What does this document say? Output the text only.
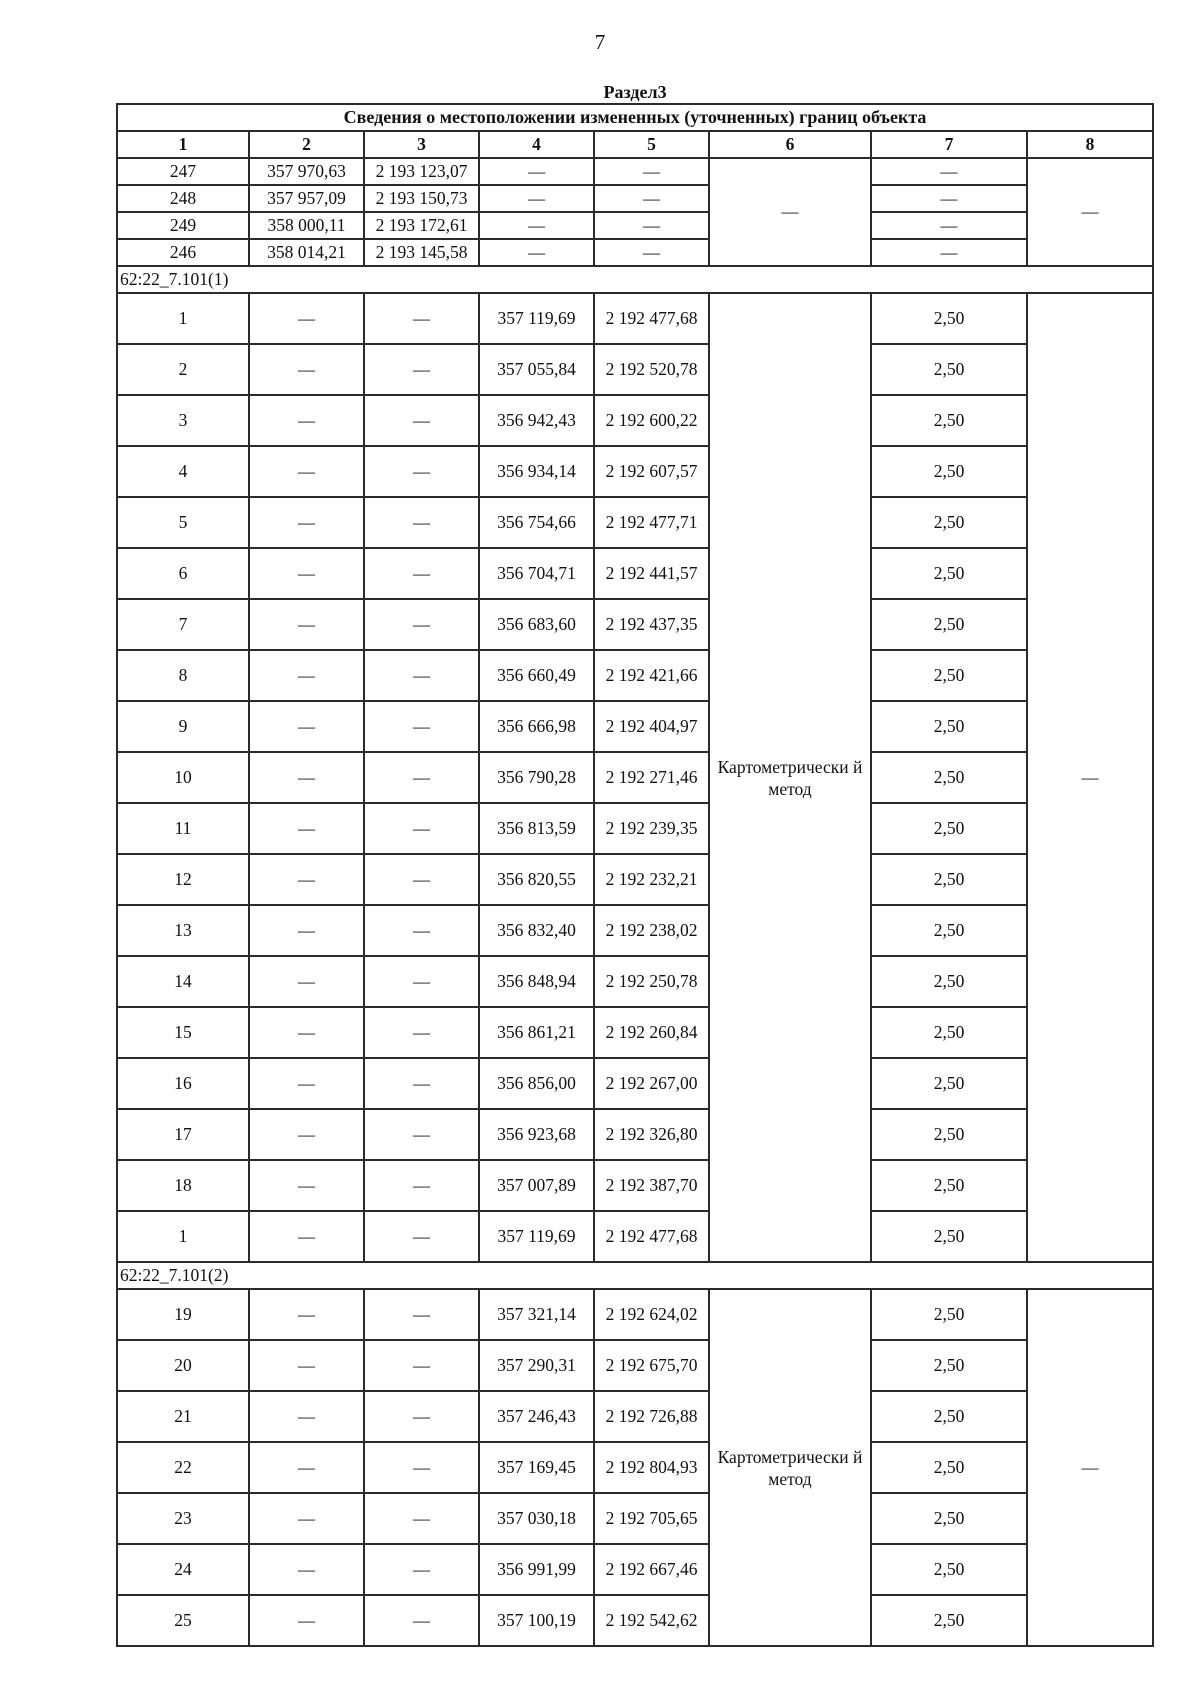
7
Раздел3							
Сведения о местоположении измененных (уточненных) границ объекта							
1	2	3	4	5	6	7	8
247	357 970,63	2 193 123,07	—	—	—	—	—
248	357 957,09	2 193 150,73	—	—		—	
249	358 000,11	2 193 172,61	—	—		—	
246	358 014,21	2 193 145,58	—	—		—	
62:22_7.101(1)							
1	—	—	357 119,69	2 192 477,68	Картометрически й метод	2,50	—
2	—	—	357 055,84	2 192 520,78		2,50	
3	—	—	356 942,43	2 192 600,22		2,50	
4	—	—	356 934,14	2 192 607,57		2,50	
5	—	—	356 754,66	2 192 477,71		2,50	
6	—	—	356 704,71	2 192 441,57		2,50	
7	—	—	356 683,60	2 192 437,35		2,50	
8	—	—	356 660,49	2 192 421,66		2,50	
9	—	—	356 666,98	2 192 404,97		2,50	
10	—	—	356 790,28	2 192 271,46		2,50	
11	—	—	356 813,59	2 192 239,35		2,50	
12	—	—	356 820,55	2 192 232,21		2,50	
13	—	—	356 832,40	2 192 238,02		2,50	
14	—	—	356 848,94	2 192 250,78		2,50	
15	—	—	356 861,21	2 192 260,84		2,50	
16	—	—	356 856,00	2 192 267,00		2,50	
17	—	—	356 923,68	2 192 326,80		2,50	
18	—	—	357 007,89	2 192 387,70		2,50	
1	—	—	357 119,69	2 192 477,68		2,50	
62:22_7.101(2)							
19	—	—	357 321,14	2 192 624,02	Картометрически й метод	2,50	—
20	—	—	357 290,31	2 192 675,70		2,50	
21	—	—	357 246,43	2 192 726,88		2,50	
22	—	—	357 169,45	2 192 804,93		2,50	
23	—	—	357 030,18	2 192 705,65		2,50	
24	—	—	356 991,99	2 192 667,46		2,50	
25	—	—	357 100,19	2 192 542,62		2,50	
